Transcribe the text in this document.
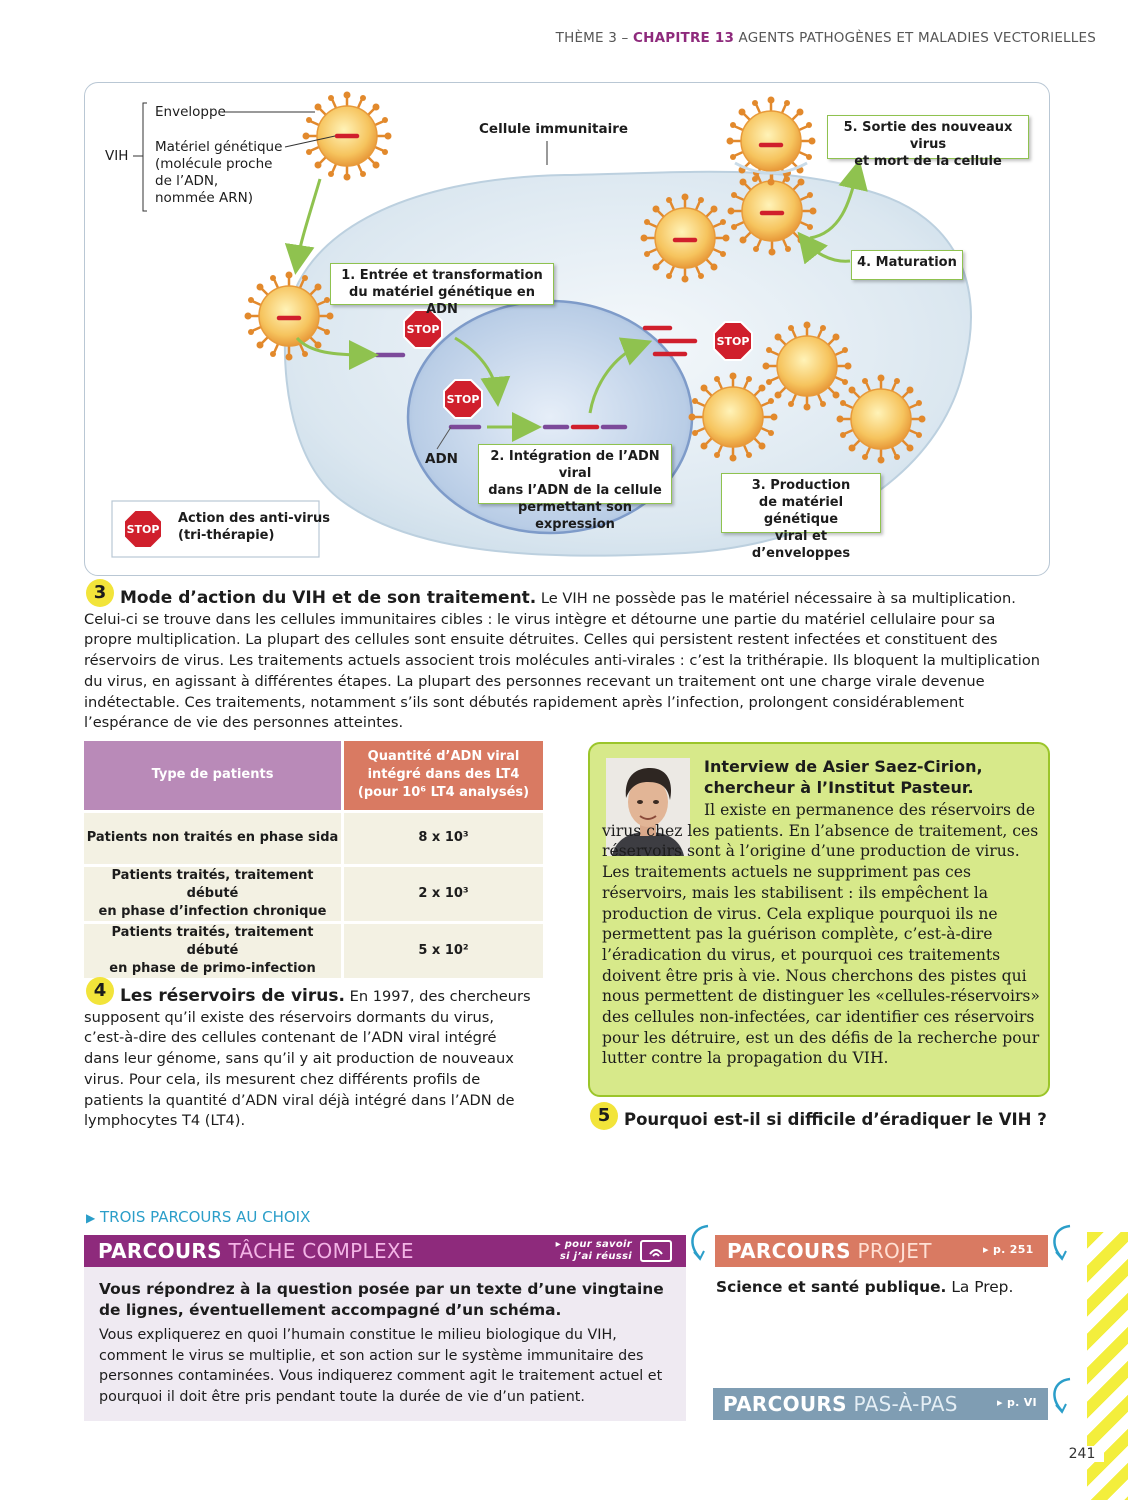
THÈME 3 – CHAPITRE 13 AGENTS PATHOGÈNES ET MALADIES VECTORIELLES
STOP
STOP
STOP
STOP
VIH
Enveloppe
Matériel génétique
(molécule proche
de l’ADN,
nommée ARN)
Cellule immunitaire
ADN
1. Entrée et transformation
du matériel génétique en ADN
2. Intégration de l’ADN viral
dans l’ADN de la cellule
permettant son expression
3. Production
de matériel génétique
viral et d’enveloppes
4. Maturation
5. Sortie des nouveaux virus
et mort de la cellule
Action des anti-virus
(tri-thérapie)
3 Mode d’action du VIH et de son traitement. Le VIH ne possède pas le matériel nécessaire à sa multiplication. Celui-ci se trouve dans les cellules immunitaires cibles : le virus intègre et détourne une partie du matériel cellulaire pour sa propre multiplication. La plupart des cellules sont ensuite détruites. Celles qui persistent restent infectées et constituent des réservoirs de virus. Les traitements actuels associent trois molécules anti-virales : c’est la trithérapie. Ils bloquent la multiplication du virus, en agissant à différentes étapes. La plupart des personnes recevant un traitement ont une charge virale devenue indétectable. Ces traitements, notamment s’ils sont débutés rapidement après l’infection, prolongent considérablement l’espérance de vie des personnes atteintes.
Type de patients	Quantité d’ADN viral
intégré dans des LT4
(pour 10⁶ LT4 analysés)

Patients non traités en phase sida	8 x 10³

Patients traités, traitement débuté
en phase d’infection chronique	2 x 10³

Patients traités, traitement débuté
en phase de primo-infection	5 x 10²
4 Les réservoirs de virus. En 1997, des chercheurs supposent qu’il existe des réservoirs dormants du virus, c’est-à-dire des cellules contenant de l’ADN viral intégré dans leur génome, sans qu’il y ait production de nouveaux virus. Pour cela, ils mesurent chez différents profils de patients la quantité d’ADN viral déjà intégré dans l’ADN de lymphocytes T4 (LT4).
Interview de Asier Saez-Cirion,
chercheur à l’Institut Pasteur.
Il existe en permanence des réservoirs de virus chez les patients. En l’absence de traitement, ces réservoirs sont à l’origine d’une production de virus. Les traitements actuels ne suppriment pas ces réservoirs, mais les stabilisent : ils empêchent la production de virus. Cela explique pourquoi ils ne permettent pas la guérison complète, c’est-à-dire l’éradication du virus, et pourquoi ces traitements doivent être pris à vie. Nous cherchons des pistes qui nous permettent de distinguer les «cellules-réservoirs» des cellules non-infectées, car identifier ces réservoirs pour les détruire, est un des défis de la recherche pour lutter contre la propagation du VIH.
5 Pourquoi est-il si difficile d’éradiquer le VIH ?
▶ TROIS PARCOURS AU CHOIX
PARCOURS TÂCHE COMPLEXE	▸ pour savoir
si j’ai réussi
Vous répondrez à la question posée par un texte d’une vingtaine de lignes, éventuellement accompagné d’un schéma.
Vous expliquerez en quoi l’humain constitue le milieu biologique du VIH, comment le virus se multiplie, et son action sur le système immunitaire des personnes contaminées. Vous indiquerez comment agit le traitement actuel et pourquoi il doit être pris pendant toute la durée de vie d’un patient.
PARCOURS PROJET	▸ p. 251
Science et santé publique. La Prep.
PARCOURS PAS-À-PAS	▸ p. VI
241
